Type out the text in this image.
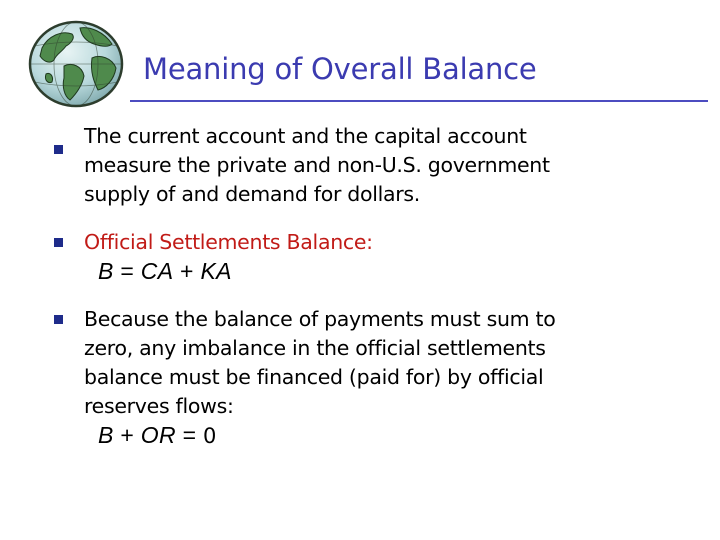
Meaning of Overall Balance
The current account and the capital account
measure the private and non-U.S. government
supply of and demand for dollars.
Official Settlements Balance:
B = CA + KA
Because the balance of payments must sum to
zero, any imbalance in the official settlements
balance must be financed (paid for) by official
reserves flows:
B + OR = 0
